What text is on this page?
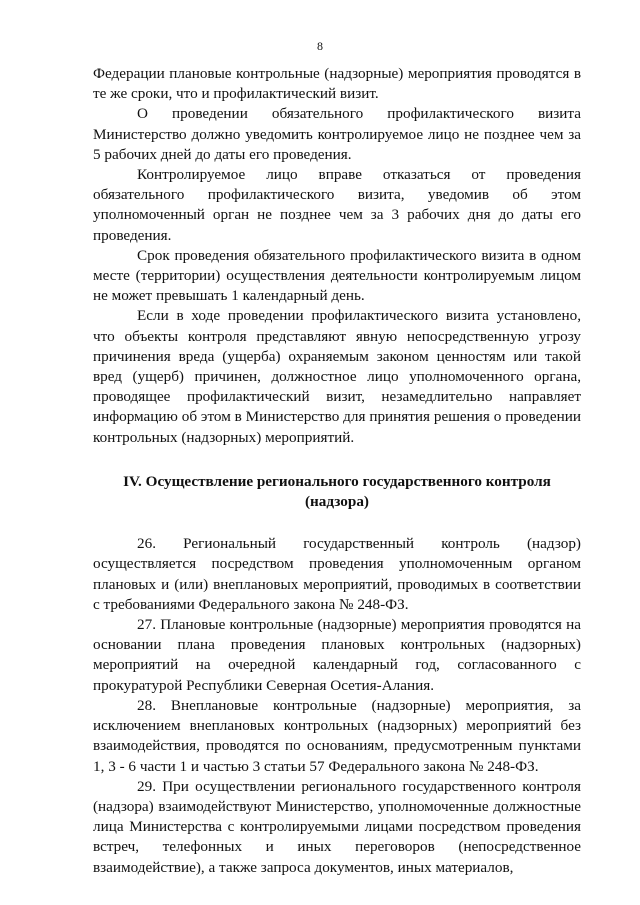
8

Федерации плановые контрольные (надзорные) мероприятия проводятся в те же сроки, что и профилактический визит.

О проведении обязательного профилактического визита Министерство должно уведомить контролируемое лицо не позднее чем за 5 рабочих дней до даты его проведения.

Контролируемое лицо вправе отказаться от проведения обязательного профилактического визита, уведомив об этом уполномоченный орган не позднее чем за 3 рабочих дня до даты его проведения.

Срок проведения обязательного профилактического визита в одном месте (территории) осуществления деятельности контролируемым лицом не может превышать 1 календарный день.

Если в ходе проведении профилактического визита установлено, что объекты контроля представляют явную непосредственную угрозу причинения вреда (ущерба) охраняемым законом ценностям или такой вред (ущерб) причинен, должностное лицо уполномоченного органа, проводящее профилактический визит, незамедлительно направляет информацию об этом в Министерство для принятия решения о проведении контрольных (надзорных) мероприятий.

IV. Осуществление регионального государственного контроля (надзора)

26. Региональный государственный контроль (надзор) осуществляется посредством проведения уполномоченным органом плановых и (или) внеплановых мероприятий, проводимых в соответствии с требованиями Федерального закона № 248-ФЗ.

27. Плановые контрольные (надзорные) мероприятия проводятся на основании плана проведения плановых контрольных (надзорных) мероприятий на очередной календарный год, согласованного с прокуратурой Республики Северная Осетия-Алания.

28. Внеплановые контрольные (надзорные) мероприятия, за исключением внеплановых контрольных (надзорных) мероприятий без взаимодействия, проводятся по основаниям, предусмотренным пунктами 1, 3 - 6 части 1 и частью 3 статьи 57 Федерального закона № 248-ФЗ.

29. При осуществлении регионального государственного контроля (надзора) взаимодействуют Министерство, уполномоченные должностные лица Министерства с контролируемыми лицами посредством проведения встреч, телефонных и иных переговоров (непосредственное взаимодействие), а также запроса документов, иных материалов,
